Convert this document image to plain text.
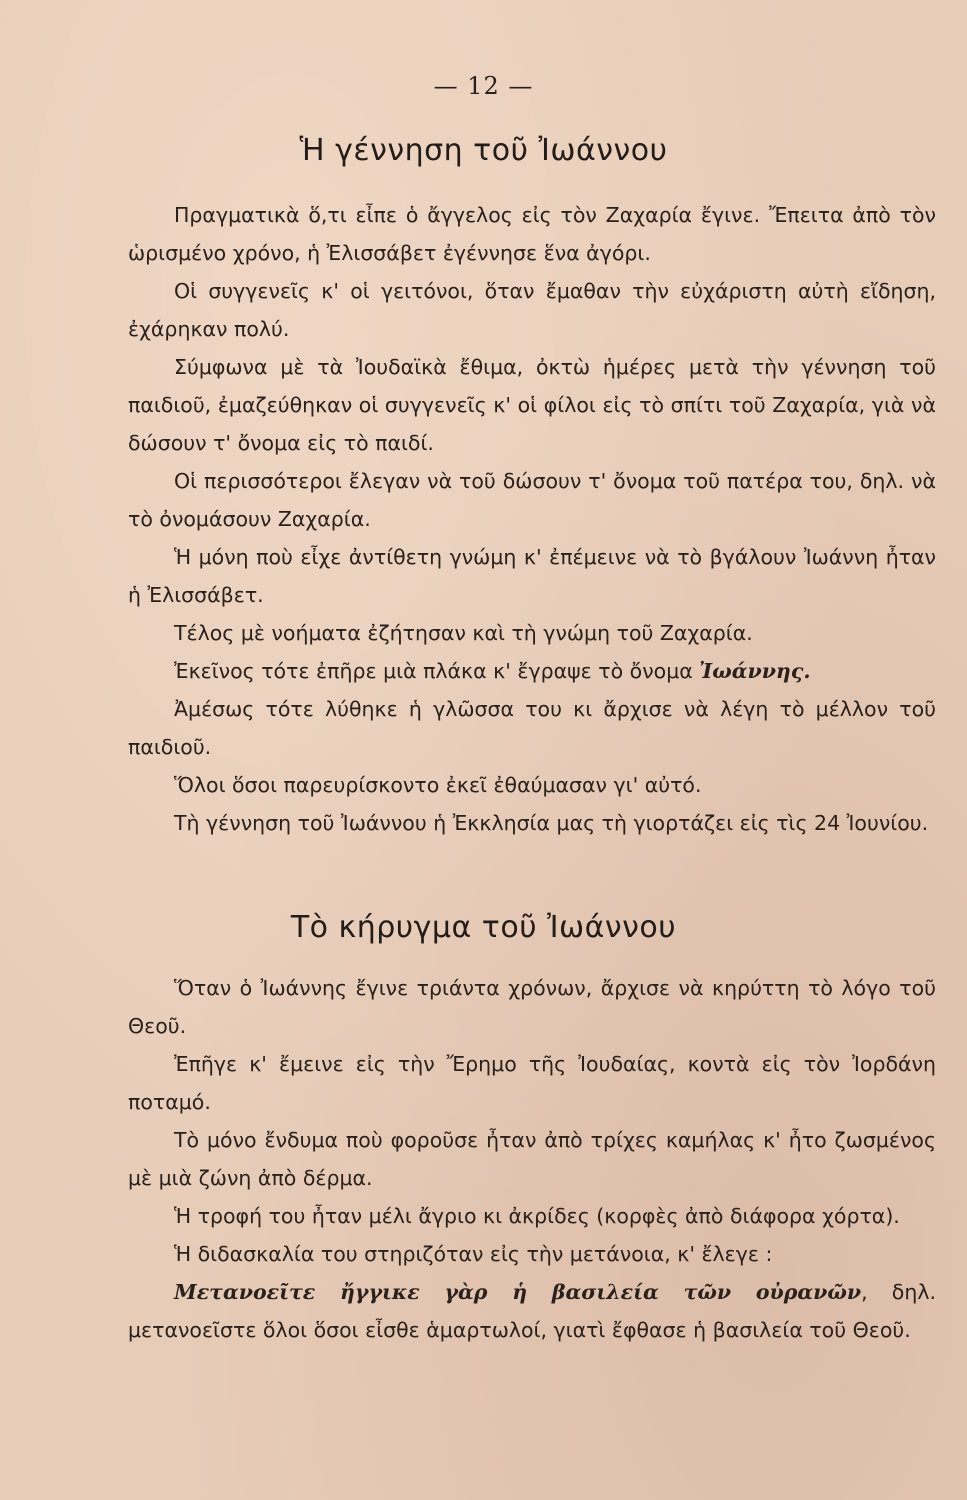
— 12 —
Ἡ γέννηση τοῦ Ἰωάννου

Πραγματικὰ ὅ,τι εἶπε ὁ ἄγγελος εἰς τὸν Ζαχαρία ἔγινε. Ἔπειτα ἀπὸ τὸν ὡρισμένο χρόνο, ἡ Ἐλισσάβετ ἐγέννησε ἕνα ἀγόρι.

Οἱ συγγενεῖς κ' οἱ γειτόνοι, ὅταν ἔμαθαν τὴν εὐχάριστη αὐτὴ εἴδηση, ἐχάρηκαν πολύ.

Σύμφωνα μὲ τὰ Ἰουδαϊκὰ ἔθιμα, ὀκτὼ ἡμέρες μετὰ τὴν γέννηση τοῦ παιδιοῦ, ἐμαζεύθηκαν οἱ συγγενεῖς κ' οἱ φίλοι εἰς τὸ σπίτι τοῦ Ζαχαρία, γιὰ νὰ δώσουν τ' ὄνομα εἰς τὸ παιδί.

Οἱ περισσότεροι ἔλεγαν νὰ τοῦ δώσουν τ' ὄνομα τοῦ πατέρα του, δηλ. νὰ τὸ ὀνομάσουν Ζαχαρία.

Ἡ μόνη ποὺ εἶχε ἀντίθετη γνώμη κ' ἐπέμεινε νὰ τὸ βγάλουν Ἰωάννη ἦταν ἡ Ἐλισσάβετ.

Τέλος μὲ νοήματα ἐζήτησαν καὶ τὴ γνώμη τοῦ Ζαχαρία.

Ἐκεῖνος τότε ἐπῆρε μιὰ πλάκα κ' ἔγραψε τὸ ὄνομα Ἰωάννης.

Ἀμέσως τότε λύθηκε ἡ γλῶσσα του κι ἄρχισε νὰ λέγη τὸ μέλλον τοῦ παιδιοῦ.

Ὅλοι ὅσοι παρευρίσκοντο ἐκεῖ ἐθαύμασαν γι' αὐτό.

Τὴ γέννηση τοῦ Ἰωάννου ἡ Ἐκκλησία μας τὴ γιορτάζει εἰς τὶς 24 Ἰουνίου.

Τὸ κήρυγμα τοῦ Ἰωάννου

Ὅταν ὁ Ἰωάννης ἔγινε τριάντα χρόνων, ἄρχισε νὰ κηρύττη τὸ λόγο τοῦ Θεοῦ.

Ἐπῆγε κ' ἔμεινε εἰς τὴν Ἔρημο τῆς Ἰουδαίας, κοντὰ εἰς τὸν Ἰορδάνη ποταμό.

Τὸ μόνο ἔνδυμα ποὺ φοροῦσε ἦταν ἀπὸ τρίχες καμήλας κ' ἦτο ζωσμένος μὲ μιὰ ζώνη ἀπὸ δέρμα.

Ἡ τροφή του ἦταν μέλι ἄγριο κι ἀκρίδες (κορφὲς ἀπὸ διάφορα χόρτα).

Ἡ διδασκαλία του στηριζόταν εἰς τὴν μετάνοια, κ' ἔλεγε :

Μετανοεῖτε ἤγγικε γὰρ ἡ βασιλεία τῶν οὐρανῶν, δηλ. μετανοεῖστε ὅλοι ὅσοι εἶσθε ἁμαρτωλοί, γιατὶ ἔφθασε ἡ βασιλεία τοῦ Θεοῦ.
